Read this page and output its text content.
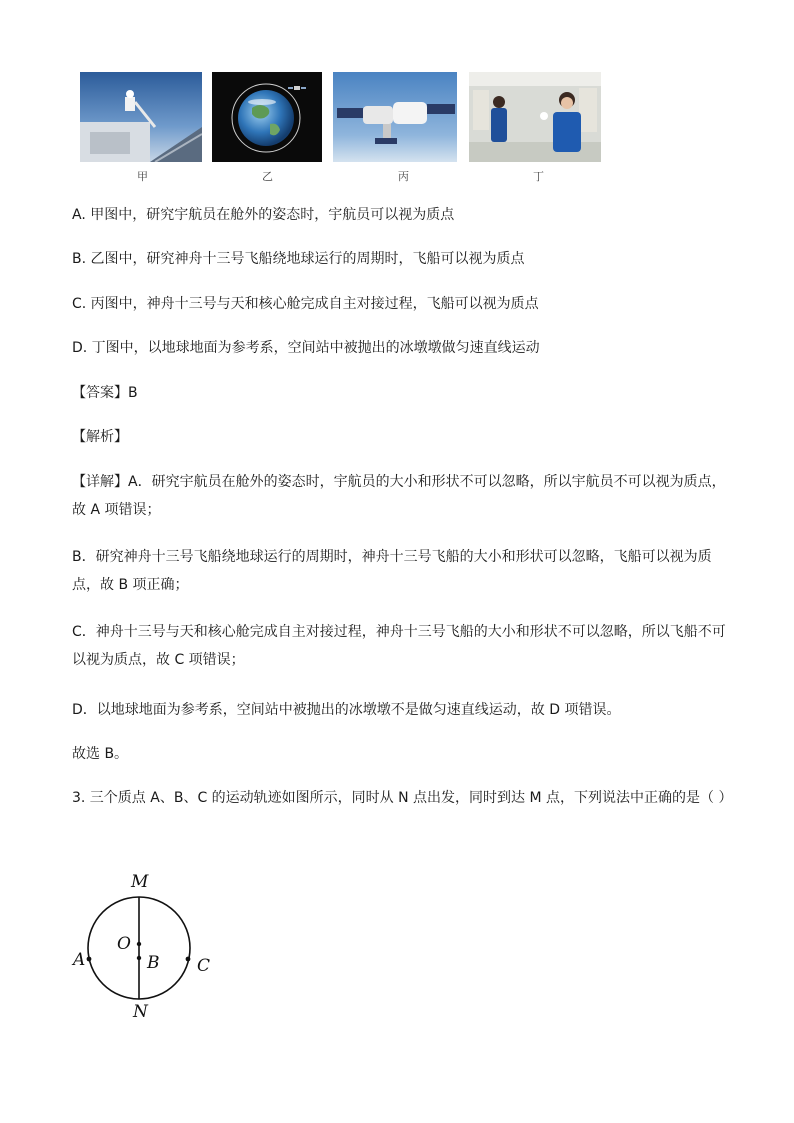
甲	乙	丙	丁
A. 甲图中，研究宇航员在舱外的姿态时，宇航员可以视为质点
B. 乙图中，研究神舟十三号飞船绕地球运行的周期时，飞船可以视为质点
C. 丙图中，神舟十三号与天和核心舱完成自主对接过程，飞船可以视为质点
D. 丁图中，以地球地面为参考系，空间站中被抛出的冰墩墩做匀速直线运动
【答案】B
【解析】
【详解】A．研究宇航员在舱外的姿态时，宇航员的大小和形状不可以忽略，所以宇航员不可以视为质点，故 A 项错误；
B．研究神舟十三号飞船绕地球运行的周期时，神舟十三号飞船的大小和形状可以忽略，飞船可以视为质点，故 B 项正确；
C．神舟十三号与天和核心舱完成自主对接过程，神舟十三号飞船的大小和形状不可以忽略，所以飞船不可以视为质点，故 C 项错误；
D．以地球地面为参考系，空间站中被抛出的冰墩墩不是做匀速直线运动，故 D 项错误。
故选 B。
3. 三个质点 A、B、C 的运动轨迹如图所示，同时从 N 点出发，同时到达 M 点，下列说法中正确的是（ ）
M
N
O
B
A	C
